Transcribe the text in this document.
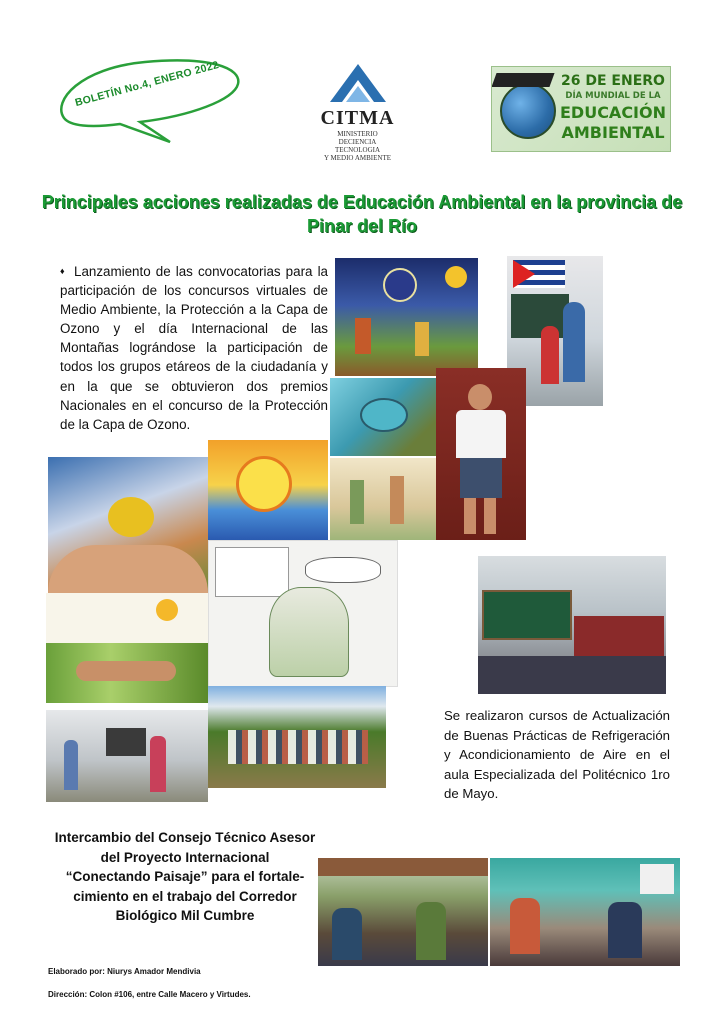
BOLETÍN No.4, ENERO 2022
CITMA
MINISTERIO
DECIENCIA
TECNOLOGIA
Y MEDIO AMBIENTE
26 DE ENERO
DÍA MUNDIAL DE LA
EDUCACIÓN
AMBIENTAL
Principales acciones realizadas de Educación Ambiental en la provincia de Pinar del Río
♦ Lanzamiento de las convocatorias para la participación de los concursos virtuales de Medio Ambiente, la Protección a la Capa de Ozono y el día Internacional de las Montañas lográndose la participación de todos los grupos etáreos de la ciudadanía y en la que se obtuvieron dos premios Nacionales en el concurso de la Protección de la Capa de Ozono.
Se realizaron cursos de Actualización de Buenas Prácticas de Refrigeración y Acondicionamiento de Aire en el aula Especializada del Politécnico 1ro de Mayo.
Intercambio del Consejo Técnico Asesor
del Proyecto Internacional
“Conectando Paisaje” para el fortale-
cimiento en el trabajo del Corredor
Biológico Mil Cumbre
Elaborado por: Niurys Amador Mendivia
Dirección: Colon #106, entre Calle Macero y Virtudes.
